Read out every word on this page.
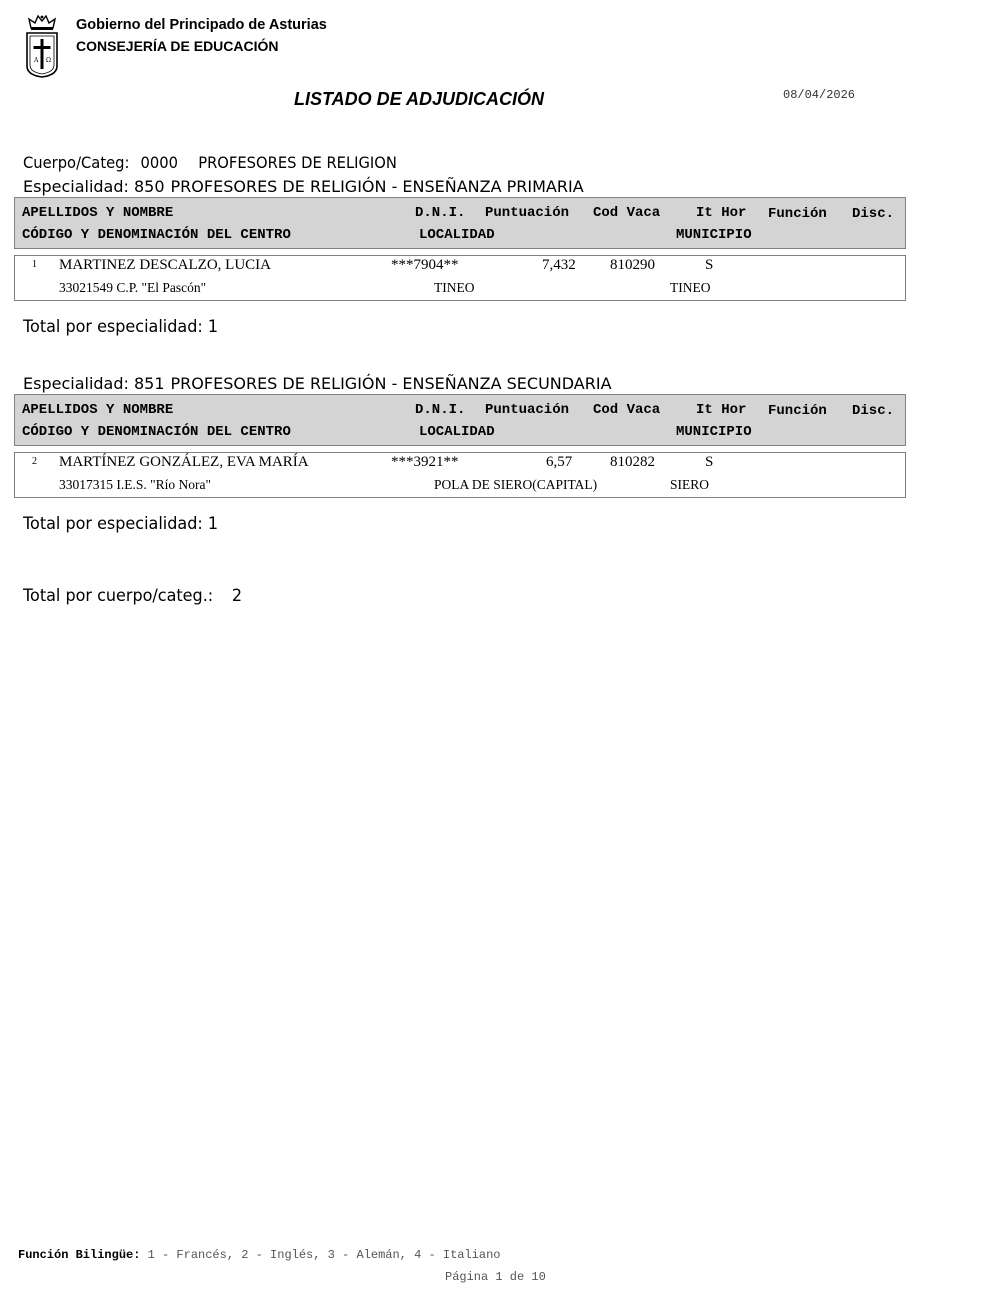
A Ω
Gobierno del Principado de Asturias
CONSEJERÍA DE EDUCACIÓN
LISTADO DE ADJUDICACIÓN	08/04/2026
Cuerpo/Categ: 0000 PROFESORES DE RELIGION
Especialidad: 850 PROFESORES DE RELIGIÓN - ENSEÑANZA PRIMARIA
APELLIDOS Y NOMBRE	D.N.I. Puntuación Cod Vaca	It Hor Función Disc.
CÓDIGO Y DENOMINACIÓN DEL CENTRO	LOCALIDAD	MUNICIPIO
1 MARTINEZ DESCALZO, LUCIA	***7904**	7,432 810290	S
33021549 C.P. "El Pascón"	TINEO	TINEO
Total por especialidad: 1
Especialidad: 851 PROFESORES DE RELIGIÓN - ENSEÑANZA SECUNDARIA
APELLIDOS Y NOMBRE	D.N.I. Puntuación Cod Vaca	It Hor Función Disc.
CÓDIGO Y DENOMINACIÓN DEL CENTRO	LOCALIDAD	MUNICIPIO
2 MARTÍNEZ GONZÁLEZ, EVA MARÍA	***3921**	6,57	810282	S
33017315 I.E.S. "Río Nora"	POLA DE SIERO(CAPITAL)	SIERO
Total por especialidad: 1
Total por cuerpo/categ.: 2
Función Bilingüe: 1 - Francés, 2 - Inglés, 3 - Alemán, 4 - Italiano
Página 1 de 10
